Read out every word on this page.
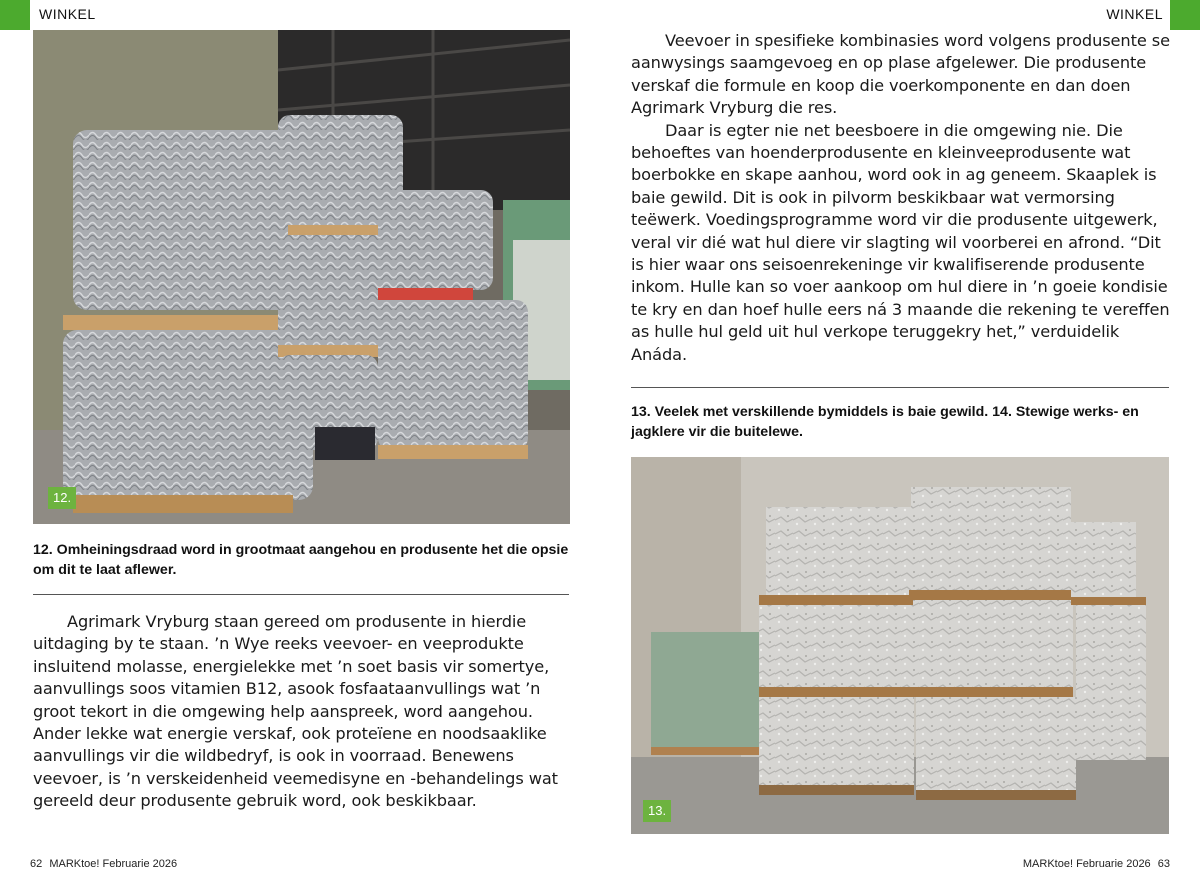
WINKEL
12.
12. Omheiningsdraad word in grootmaat aangehou en produsente het die opsie om dit te laat aflewer.

Agrimark Vryburg staan gereed om produsente in hierdie uitdaging by te staan. ’n Wye reeks veevoer- en veeprodukte insluitend molasse, energielekke met ’n soet basis vir somertye, aanvullings soos vitamien B12, asook fosfaataanvullings wat ’n groot tekort in die omgewing help aanspreek, word aangehou. Ander lekke wat energie verskaf, ook proteïene en noodsaaklike aanvullings vir die wildbedryf, is ook in voorraad. Benewens veevoer, is ’n verskeidenheid veemedisyne en -behandelings wat gereeld deur produsente gebruik word, ook beskikbaar.

62 MARKtoe! Februarie 2026
WINKEL

Veevoer in spesifieke kombinasies word volgens produsente se aanwysings saamgevoeg en op plase afgelewer. Die produsente verskaf die formule en koop die voerkomponente en dan doen Agrimark Vryburg die res.

Daar is egter nie net beesboere in die omgewing nie. Die behoeftes van hoenderprodusente en kleinveeprodusente wat boerbokke en skape aanhou, word ook in ag geneem. Skaaplek is baie gewild. Dit is ook in pilvorm beskikbaar wat vermorsing teëwerk. Voedingsprogramme word vir die produsente uitgewerk, veral vir dié wat hul diere vir slagting wil voorberei en afrond. “Dit is hier waar ons seisoenrekeninge vir kwalifiserende produsente inkom. Hulle kan so voer aankoop om hul diere in ’n goeie kondisie te kry en dan hoef hulle eers ná 3 maande die rekening te vereffen as hulle hul geld uit hul verkope teruggekry het,” verduidelik Anáda.

13. Veelek met verskillende bymiddels is baie gewild. 14. Stewige werks- en jagklere vir die buitelewe.
13.
MARKtoe! Februarie 2026 63
